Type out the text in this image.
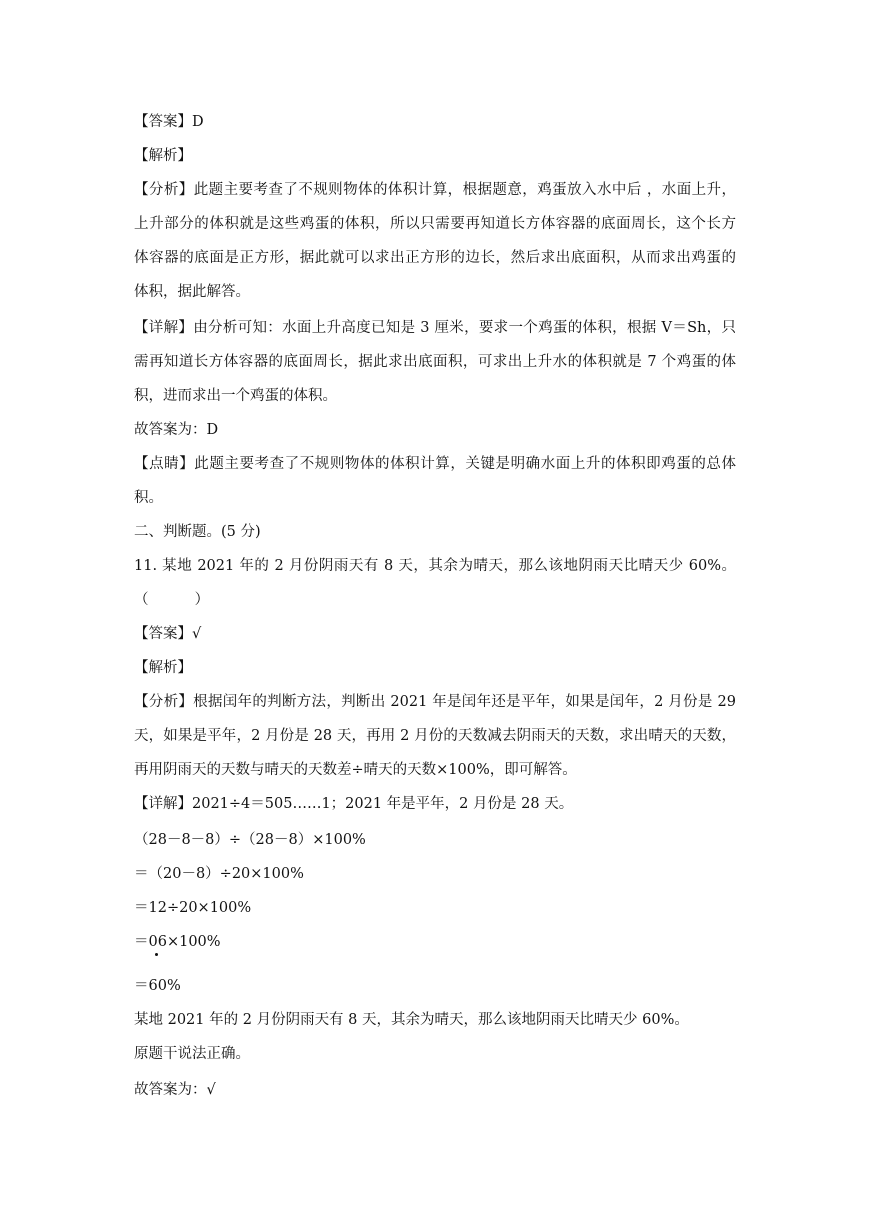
【答案】D
【解析】
【分析】此题主要考查了不规则物体的体积计算，根据题意，鸡蛋放入水中后 ，水面上升，
上升部分的体积就是这些鸡蛋的体积，所以只需要再知道长方体容器的底面周长，这个长方
体容器的底面是正方形，据此就可以求出正方形的边长，然后求出底面积，从而求出鸡蛋的
体积，据此解答。
【详解】由分析可知：水面上升高度已知是 3 厘米，要求一个鸡蛋的体积，根据 V＝Sh，只
需再知道长方体容器的底面周长，据此求出底面积，可求出上升水的体积就是 7 个鸡蛋的体
积，进而求出一个鸡蛋的体积。
故答案为：D
【点睛】此题主要考查了不规则物体的体积计算，关键是明确水面上升的体积即鸡蛋的总体
积。
二、判断题。(5 分)
11. 某地 2021 年的 2 月份阴雨天有 8 天，其余为晴天，那么该地阴雨天比晴天少 60%。
（          ）
【答案】√
【解析】
【分析】根据闰年的判断方法，判断出 2021 年是闰年还是平年，如果是闰年，2 月份是 29
天，如果是平年，2 月份是 28 天，再用 2 月份的天数减去阴雨天的天数，求出晴天的天数，
再用阴雨天的天数与晴天的天数差÷晴天的天数×100%，即可解答。
【详解】2021÷4＝505……1；2021 年是平年，2 月份是 28 天。
（28－8－8）÷（28－8）×100%
＝（20－8）÷20×100%
＝12÷20×100%
＝06×100%
＝60%
某地 2021 年的 2 月份阴雨天有 8 天，其余为晴天，那么该地阴雨天比晴天少 60%。
原题干说法正确。
故答案为：√
